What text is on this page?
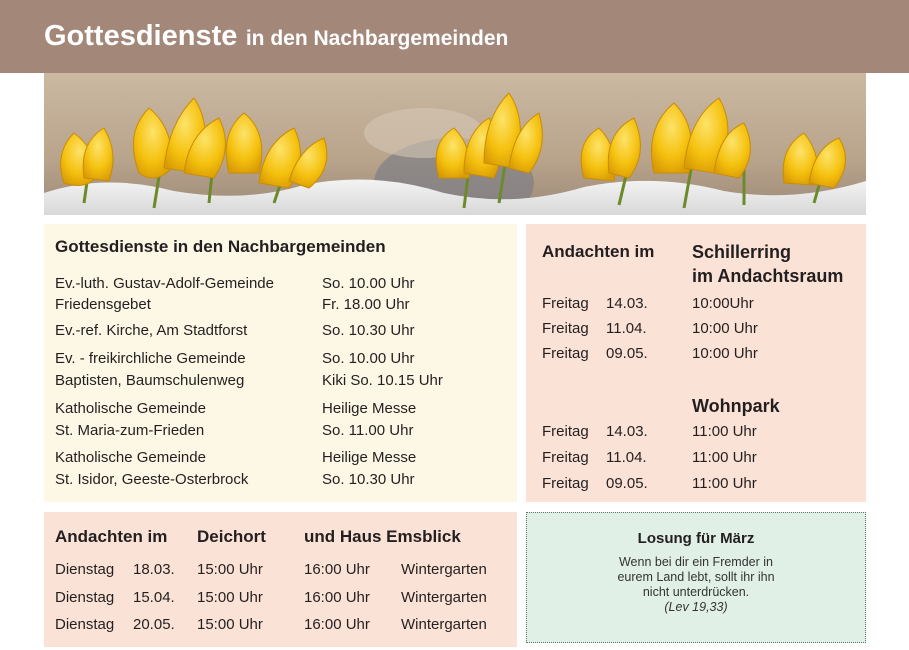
Gottesdienste in den Nachbargemeinden
Gottesdienste in den Nachbargemeinden
Ev.-luth. Gustav-Adolf-Gemeinde	So. 10.00 Uhr
Friedensgebet	Fr. 18.00 Uhr
Ev.-ref. Kirche, Am Stadtforst	So. 10.30 Uhr
Ev. - freikirchliche Gemeinde	So. 10.00 Uhr
Baptisten, Baumschulenweg	Kiki So. 10.15 Uhr
Katholische Gemeinde	Heilige Messe
St. Maria-zum-Frieden	So. 11.00 Uhr
Katholische Gemeinde	Heilige Messe
St. Isidor, Geeste-Osterbrock	So. 10.30 Uhr
Andachten im Schillerring
im Andachtsraum
Freitag 14.03.	10:00Uhr
Freitag 11.04.	10:00 Uhr
Freitag 09.05.	10:00 Uhr
Wohnpark
Freitag 14.03.	11:00 Uhr
Freitag 11.04.	11:00 Uhr
Freitag 09.05.	11:00 Uhr
Andachten im Deichort und Haus Emsblick
Dienstag 18.03. 15:00 Uhr	16:00 Uhr Wintergarten
Dienstag 15.04. 15:00 Uhr	16:00 Uhr Wintergarten
Dienstag 20.05. 15:00 Uhr	16:00 Uhr Wintergarten
Losung für März
Wenn bei dir ein Fremder in
eurem Land lebt, sollt ihr ihn
nicht unterdrücken.
(Lev 19,33)
